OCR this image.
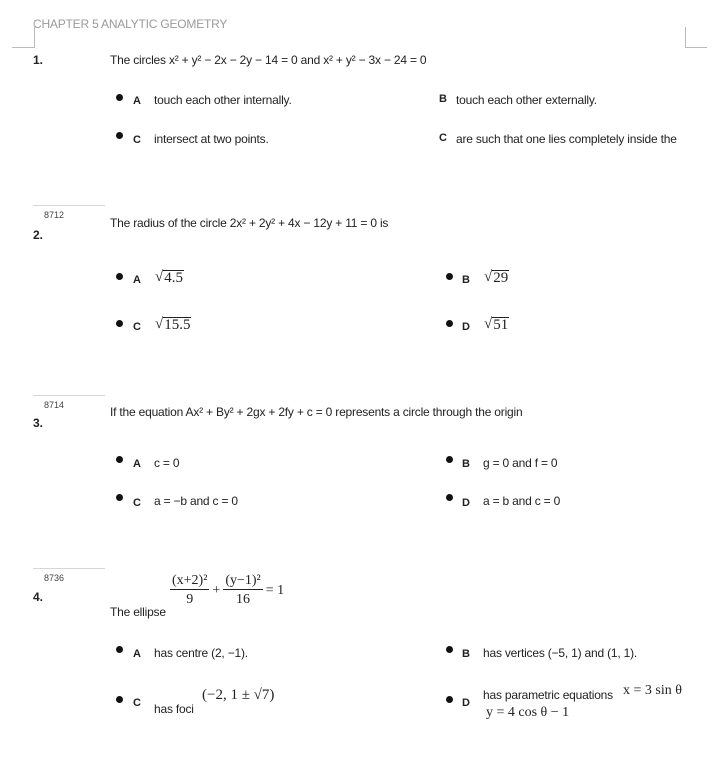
CHAPTER 5 ANALYTIC GEOMETRY
1.	The circles x² + y² − 2x − 2y − 14 = 0 and x² + y² − 3x − 24 = 0
A touch each other internally.	B touch each other externally.
C intersect at two points.	C are such that one lies completely inside the
8712
2.
The radius of the circle 2x² + 2y² + 4x − 12y + 11 = 0 is
A √ 4.5	B √ 29
C √ 15.5	D √ 51
8714
3.
If the equation Ax² + By² + 2gx + 2fy + c = 0 represents a circle through the origin
A c = 0	B g = 0 and f = 0
C a = −b and c = 0	D a = b and c = 0
8736
4.
The ellipse
$\frac{\text{(x+2)²}}{9} + \frac{\text{(y−1)²}}{16} = 1$
A has centre (2, −1).	B has vertices (−5, 1) and (1, 1).
C has foci
(−2, 1 ± √7)	D
has parametric equations x = 3 sin θ
y = 4 cos θ − 1
